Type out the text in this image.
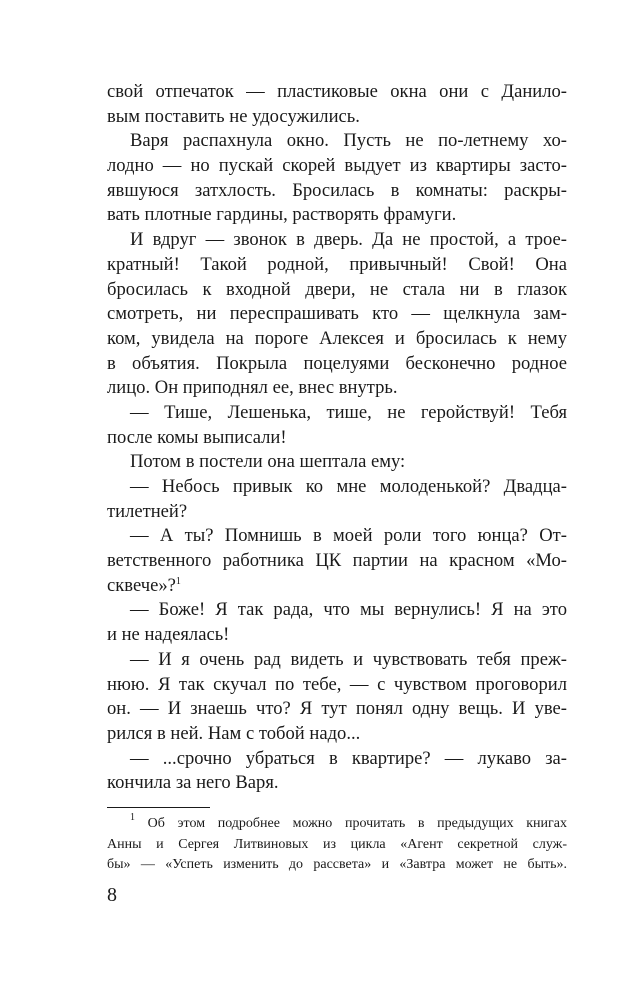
свой отпечаток — пластиковые окна они с Данило-
вым поставить не удосужились.
Варя распахнула окно. Пусть не по-летнему хо-
лодно — но пускай скорей выдует из квартиры засто-
явшуюся затхлость. Бросилась в комнаты: раскры-
вать плотные гардины, растворять фрамуги.
И вдруг — звонок в дверь. Да не простой, а трое-
кратный! Такой родной, привычный! Свой! Она
бросилась к входной двери, не стала ни в глазок
смотреть, ни переспрашивать кто — щелкнула зам-
ком, увидела на пороге Алексея и бросилась к нему
в объятия. Покрыла поцелуями бесконечно родное
лицо. Он приподнял ее, внес внутрь.
— Тише, Лешенька, тише, не геройствуй! Тебя
после комы выписали!
Потом в постели она шептала ему:
— Небось привык ко мне молоденькой? Двадца-
тилетней?
— А ты? Помнишь в моей роли того юнца? От-
ветственного работника ЦК партии на красном «Мо-
сквече»?$^1$
— Боже! Я так рада, что мы вернулись! Я на это
и не надеялась!
— И я очень рад видеть и чувствовать тебя преж-
нюю. Я так скучал по тебе, — с чувством проговорил
он. — И знаешь что? Я тут понял одну вещь. И уве-
рился в ней. Нам с тобой надо...
— ...срочно убраться в квартире? — лукаво за-
кончила за него Варя.
$^1$ Об этом подробнее можно прочитать в предыдущих книгах
Анны и Сергея Литвиновых из цикла «Агент секретной служ-
бы» — «Успеть изменить до рассвета» и «Завтра может не быть».
8
